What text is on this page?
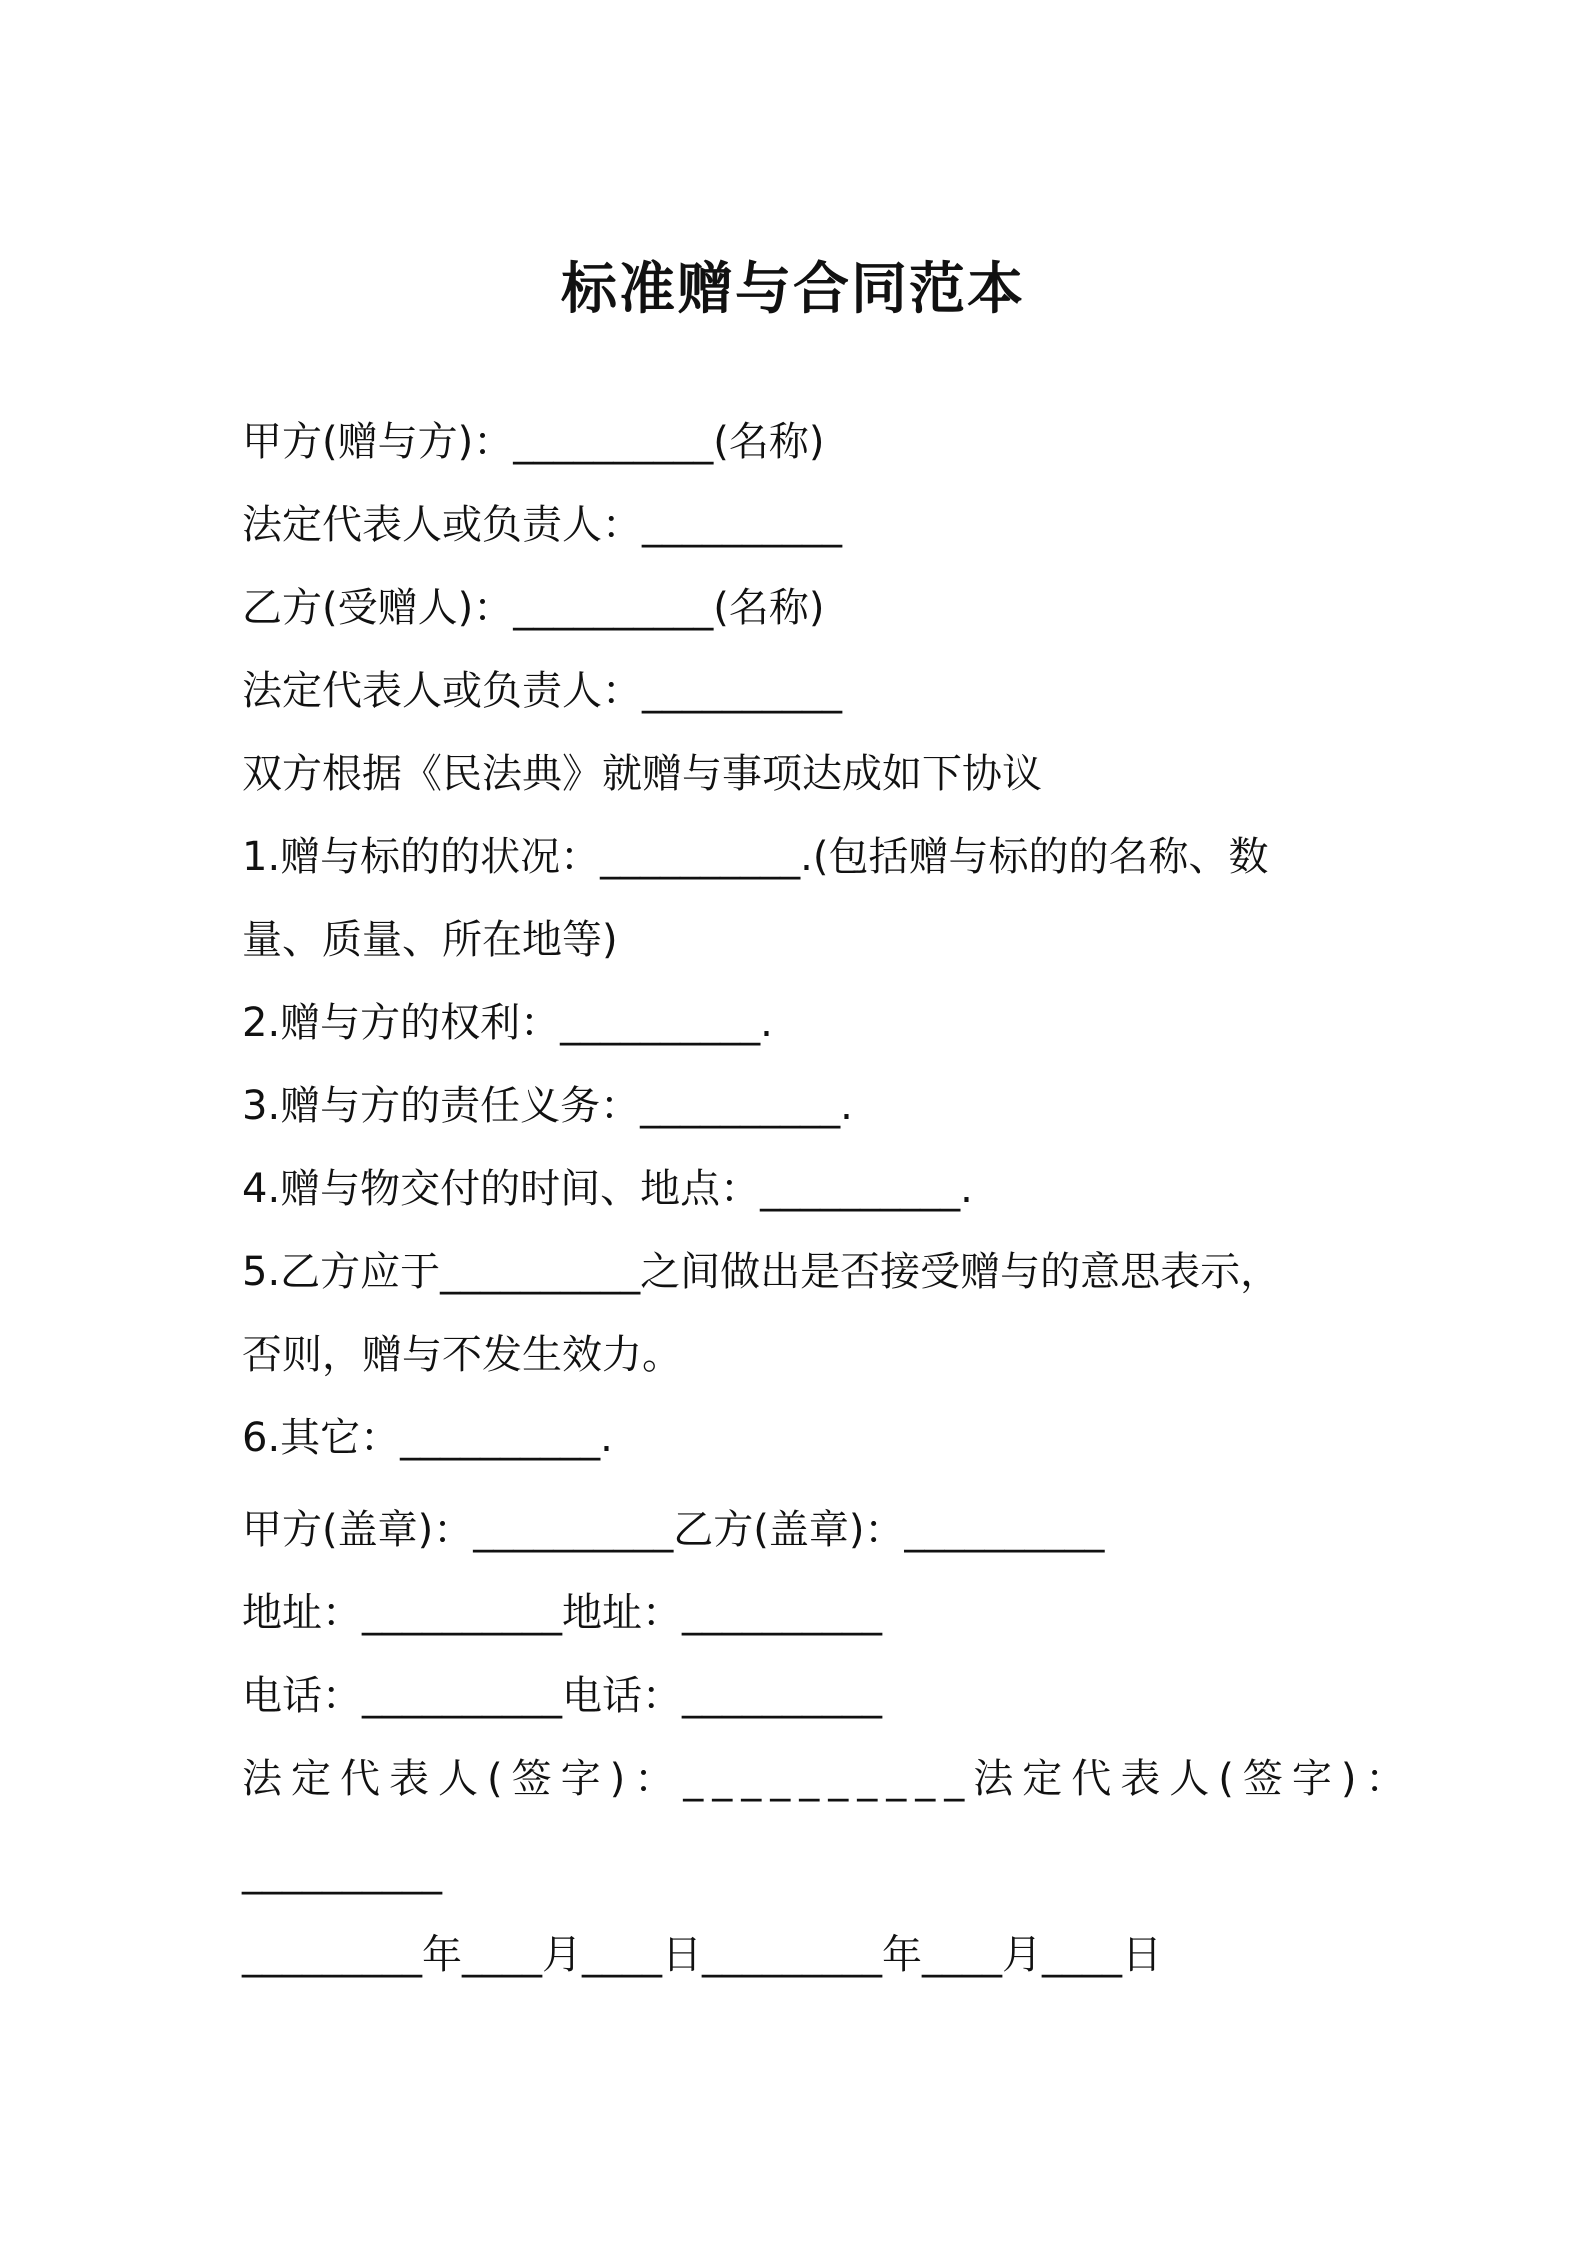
标准赠与合同范本
甲方(赠与方)：__________(名称)
法定代表人或负责人：__________
乙方(受赠人)：__________(名称)
法定代表人或负责人：__________
双方根据《民法典》就赠与事项达成如下协议
1.赠与标的的状况：__________.(包括赠与标的的名称、数
量、质量、所在地等)
2.赠与方的权利：__________.
3.赠与方的责任义务：__________.
4.赠与物交付的时间、地点：__________.
5.乙方应于__________之间做出是否接受赠与的意思表示，
否则，赠与不发生效力。
6.其它：__________.
甲方(盖章)：__________乙方(盖章)：__________
地址：__________地址：__________
电话：__________电话：__________
法定代表人(签字)：__________法定代表人(签字)：
__________
_________年____月____日_________年____月____日
